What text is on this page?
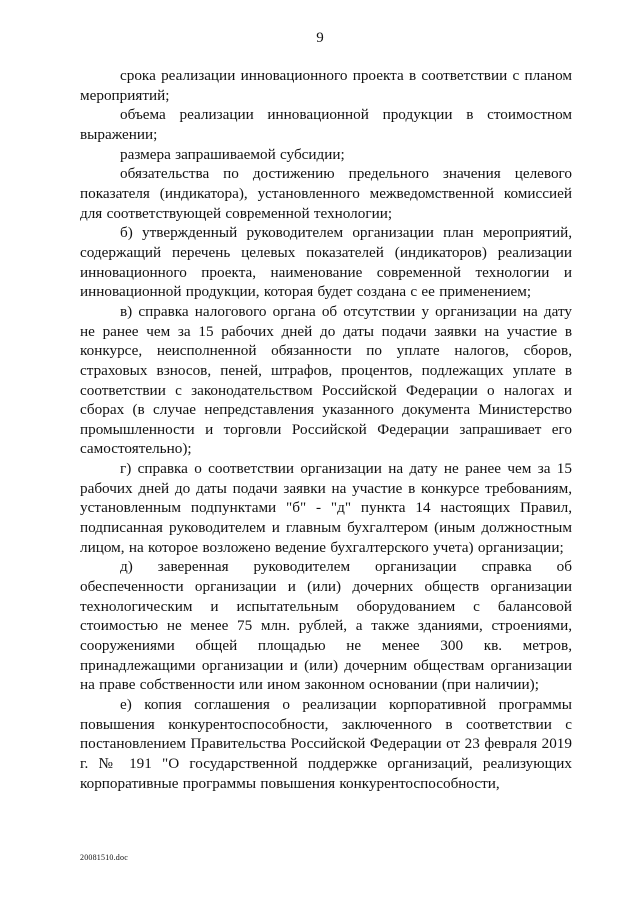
9

срока реализации инновационного проекта в соответствии с планом мероприятий;

объема реализации инновационной продукции в стоимостном выражении;

размера запрашиваемой субсидии;

обязательства по достижению предельного значения целевого показателя (индикатора), установленного межведомственной комиссией для соответствующей современной технологии;

б) утвержденный руководителем организации план мероприятий, содержащий перечень целевых показателей (индикаторов) реализации инновационного проекта, наименование современной технологии и инновационной продукции, которая будет создана с ее применением;

в) справка налогового органа об отсутствии у организации на дату не ранее чем за 15 рабочих дней до даты подачи заявки на участие в конкурсе, неисполненной обязанности по уплате налогов, сборов, страховых взносов, пеней, штрафов, процентов, подлежащих уплате в соответствии с законодательством Российской Федерации о налогах и сборах (в случае непредставления указанного документа Министерство промышленности и торговли Российской Федерации запрашивает его самостоятельно);

г) справка о соответствии организации на дату не ранее чем за 15 рабочих дней до даты подачи заявки на участие в конкурсе требованиям, установленным подпунктами "б" - "д" пункта 14 настоящих Правил, подписанная руководителем и главным бухгалтером (иным должностным лицом, на которое возложено ведение бухгалтерского учета) организации;

д) заверенная руководителем организации справка об обеспеченности организации и (или) дочерних обществ организации технологическим и испытательным оборудованием с балансовой стоимостью не менее 75 млн. рублей, а также зданиями, строениями, сооружениями общей площадью не менее 300 кв. метров, принадлежащими организации и (или) дочерним обществам организации на праве собственности или ином законном основании (при наличии);

е) копия соглашения о реализации корпоративной программы повышения конкурентоспособности, заключенного в соответствии с постановлением Правительства Российской Федерации от 23 февраля 2019 г. № 191 "О государственной поддержке организаций, реализующих корпоративные программы повышения конкурентоспособности,

20081510.doc
